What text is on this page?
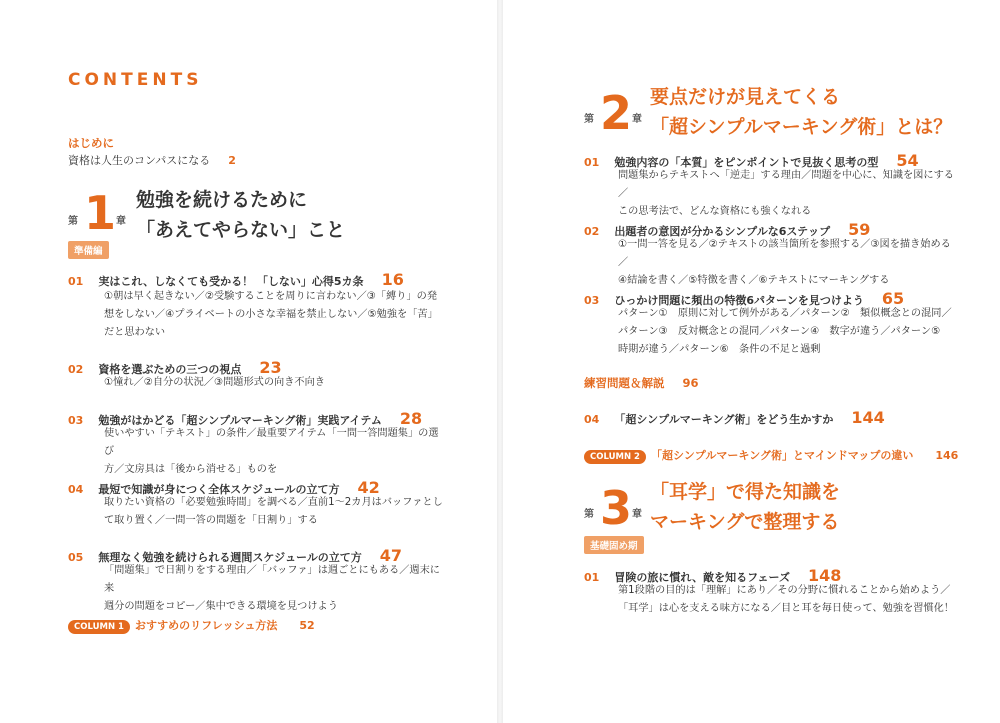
CONTENTS
はじめに
資格は人生のコンパスになる 2
第 1 章
勉強を続けるために
「あえてやらない」こと
準備編
01 実はこれ、しなくても受かる！ 「しない」心得5カ条 16
①朝は早く起きない／②受験することを周りに言わない／③「縛り」の発
想をしない／④プライベートの小さな幸福を禁止しない／⑤勉強を「苦」
だと思わない
02 資格を選ぶための三つの視点 23
①憧れ／②自分の状況／③問題形式の向き不向き
03 勉強がはかどる「超シンプルマーキング術」実践アイテム 28
使いやすい「テキスト」の条件／最重要アイテム「一問一答問題集」の選び
方／文房具は「後から消せる」ものを
04 最短で知識が身につく全体スケジュールの立て方 42
取りたい資格の「必要勉強時間」を調べる／直前1～2カ月はバッファとし
て取り置く／一問一答の問題を「日割り」する
05 無理なく勉強を続けられる週間スケジュールの立て方 47
「問題集」で日割りをする理由／「バッファ」は週ごとにもある／週末に来
週分の問題をコピー／集中できる環境を見つけよう
COLUMN 1 おすすめのリフレッシュ方法 52
第 2 章
要点だけが見えてくる
「超シンプルマーキング術」とは？
01 勉強内容の「本質」をピンポイントで見抜く思考の型 54
問題集からテキストへ「逆走」する理由／問題を中心に、知識を図にする／
この思考法で、どんな資格にも強くなれる
02 出題者の意図が分かるシンプルな6ステップ 59
①一問一答を見る／②テキストの該当箇所を参照する／③図を描き始める／
④結論を書く／⑤特徴を書く／⑥テキストにマーキングする
03 ひっかけ問題に頻出の特徴6パターンを見つけよう 65
パターン①　原則に対して例外がある／パターン②　類似概念との混同／
パターン③　反対概念との混同／パターン④　数字が違う／パターン⑤
時期が違う／パターン⑥　条件の不足と過剰
練習問題＆解説 96
04 「超シンプルマーキング術」をどう生かすか 144
COLUMN 2 「超シンプルマーキング術」とマインドマップの違い 146
第 3 章
「耳学」で得た知識を
マーキングで整理する
基礎固め期
01 冒険の旅に慣れ、敵を知るフェーズ 148
第1段階の目的は「理解」にあり／その分野に慣れることから始めよう／
「耳学」は心を支える味方になる／目と耳を毎日使って、勉強を習慣化！
